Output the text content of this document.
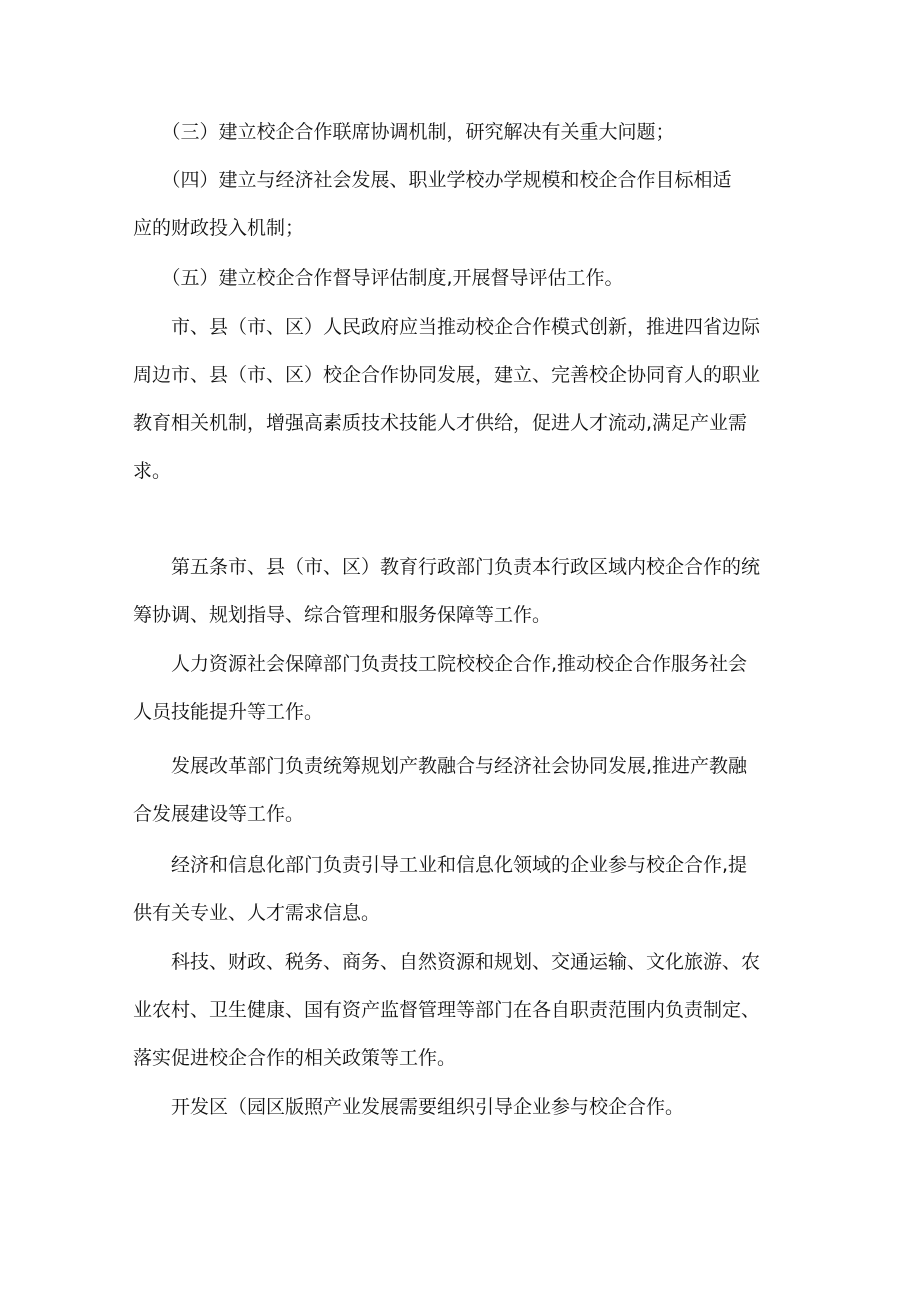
　　（三）建立校企合作联席协调机制，研究解决有关重大问题；
　　（四）建立与经济社会发展、职业学校办学规模和校企合作目标相适
应的财政投入机制；
　　（五）建立校企合作督导评估制度,开展督导评估工作。
　　市、县（市、区）人民政府应当推动校企合作模式创新，推进四省边际
周边市、县（市、区）校企合作协同发展，建立、完善校企协同育人的职业
教育相关机制，增强高素质技术技能人才供给，促进人才流动,满足产业需
求。
　　第五条市、县（市、区）教育行政部门负责本行政区域内校企合作的统
筹协调、规划指导、综合管理和服务保障等工作。
　　人力资源社会保障部门负责技工院校校企合作,推动校企合作服务社会
人员技能提升等工作。
　　发展改革部门负责统筹规划产教融合与经济社会协同发展,推进产教融
合发展建设等工作。
　　经济和信息化部门负责引导工业和信息化领域的企业参与校企合作,提
供有关专业、人才需求信息。
　　科技、财政、税务、商务、自然资源和规划、交通运输、文化旅游、农
业农村、卫生健康、国有资产监督管理等部门在各自职责范围内负责制定、
落实促进校企合作的相关政策等工作。
　　开发区（园区版照产业发展需要组织引导企业参与校企合作。
